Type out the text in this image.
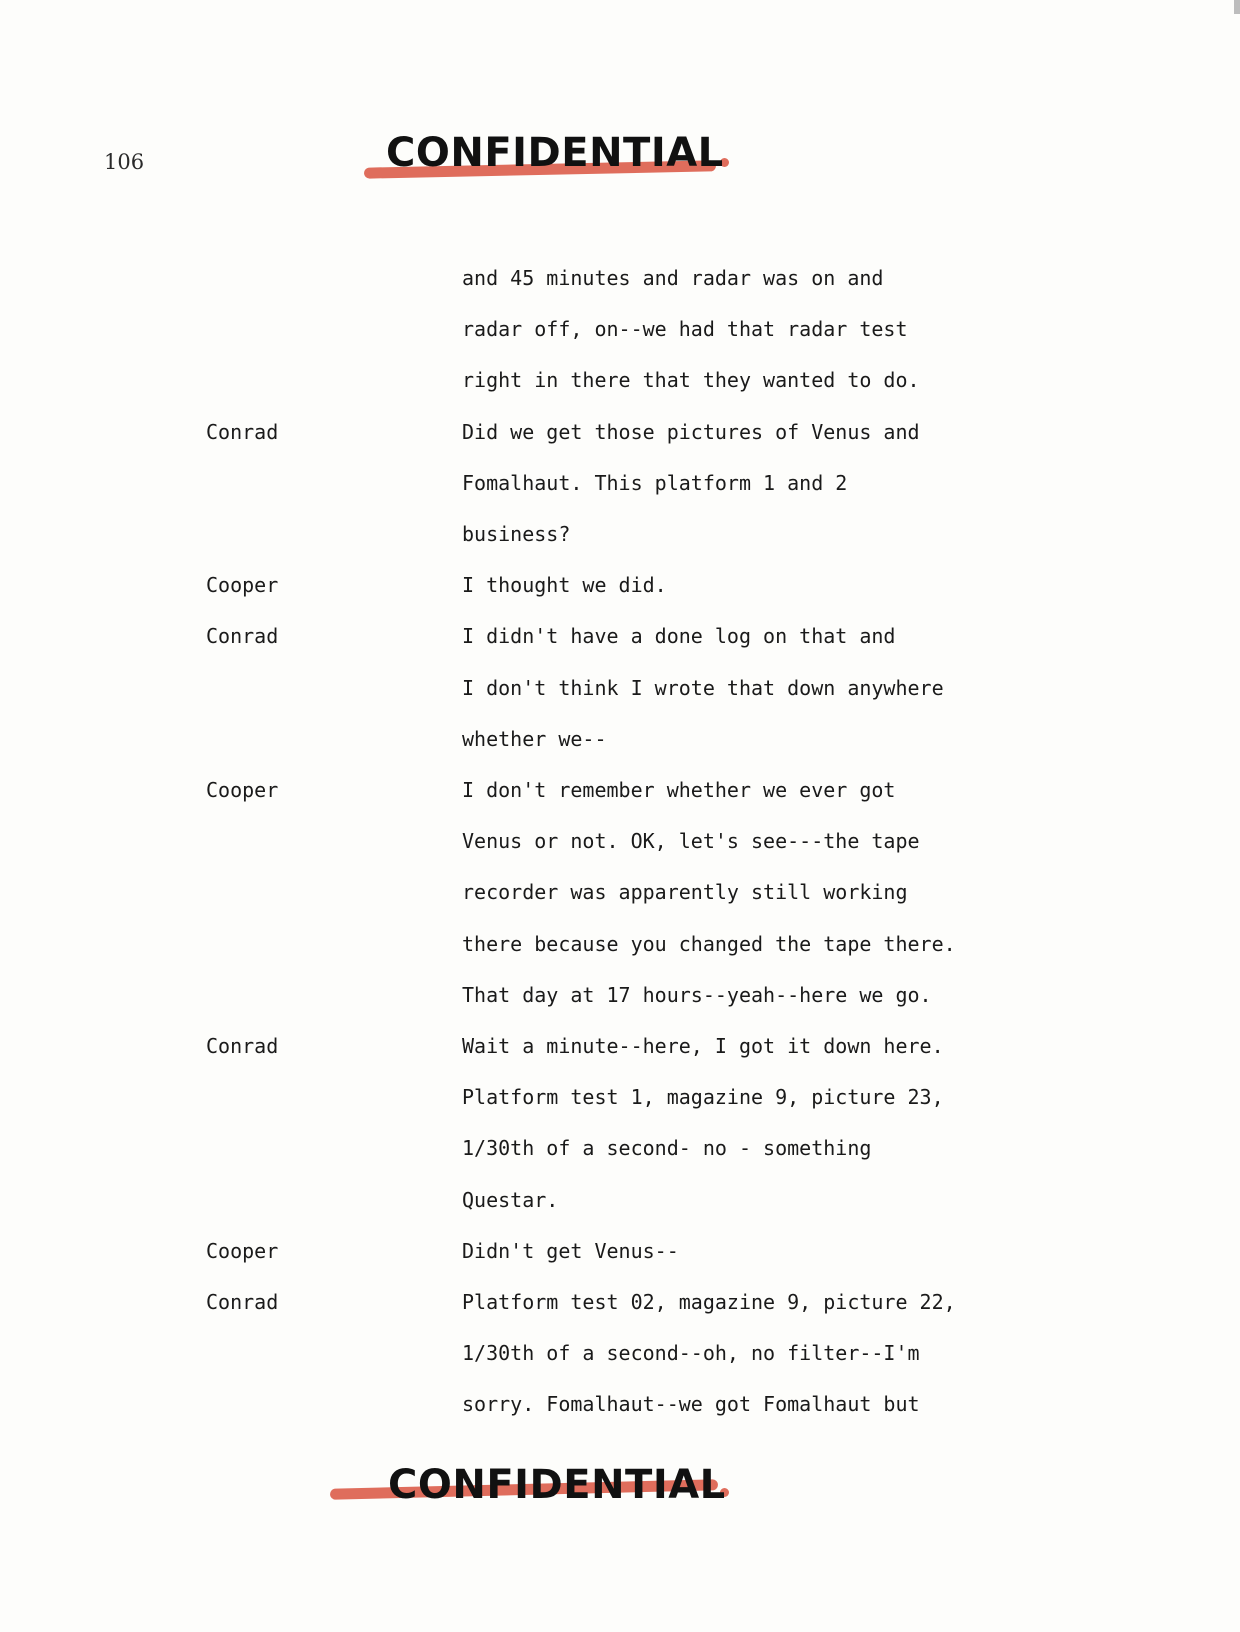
106	CONFIDENTIAL
and 45 minutes and radar was on and
radar off, on--we had that radar test
right in there that they wanted to do.
Conrad	Did we get those pictures of Venus and
Fomalhaut. This platform 1 and 2
business?
Cooper	I thought we did.
Conrad	I didn't have a done log on that and
I don't think I wrote that down anywhere
whether we--
Cooper	I don't remember whether we ever got
Venus or not. OK, let's see---the tape
recorder was apparently still working
there because you changed the tape there.
That day at 17 hours--yeah--here we go.
Conrad	Wait a minute--here, I got it down here.
Platform test 1, magazine 9, picture 23,
1/30th of a second- no - something
Questar.
Cooper	Didn't get Venus--
Conrad	Platform test 02, magazine 9, picture 22,
1/30th of a second--oh, no filter--I'm
sorry. Fomalhaut--we got Fomalhaut but
CONFIDENTIAL
